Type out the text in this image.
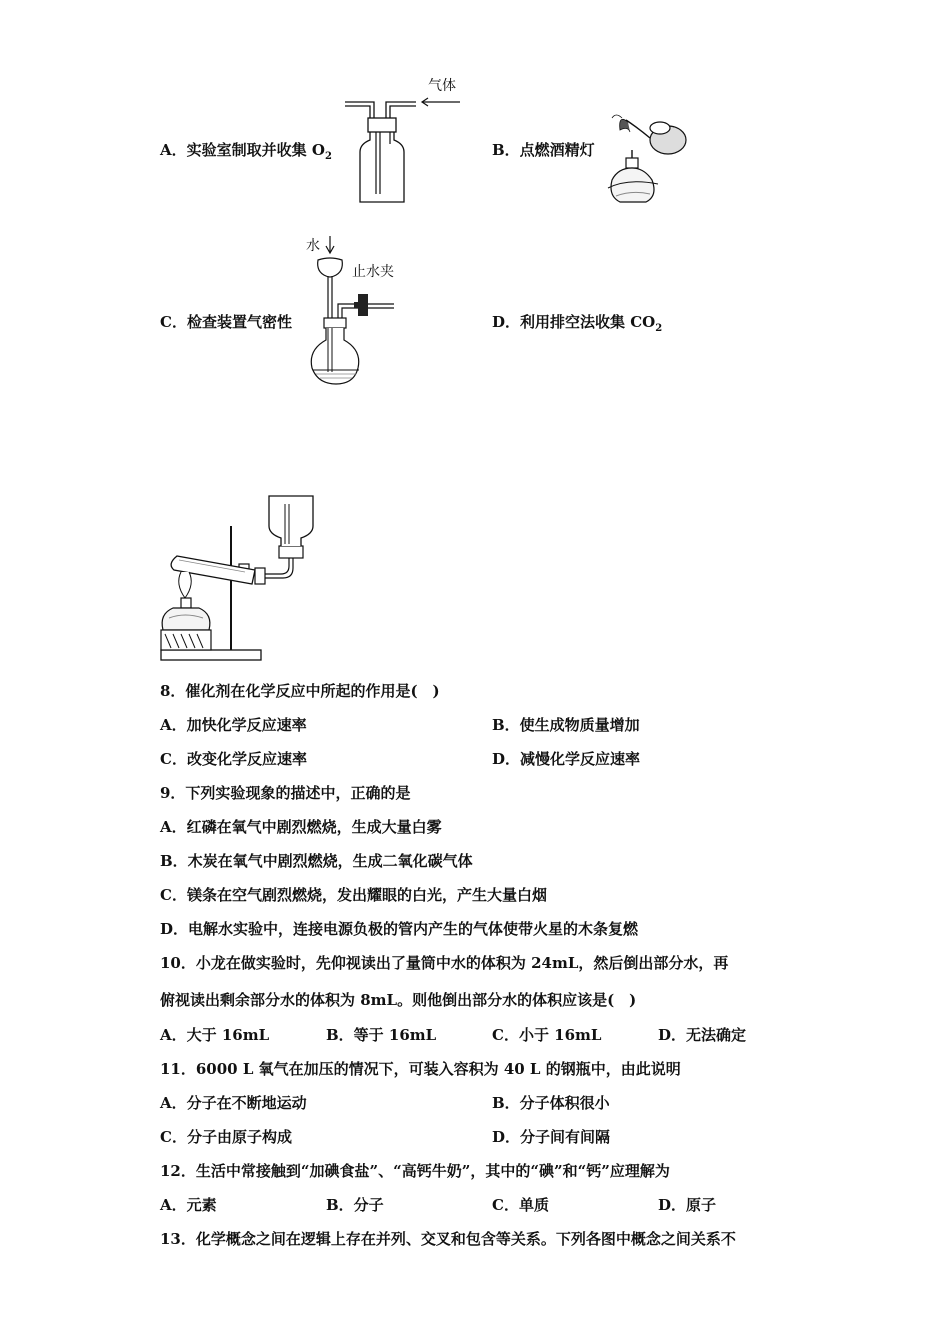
A．实验室制取并收集 $O_2$
气体
B．点燃酒精灯
C．检查装置气密性
水
止水夹
D．利用排空法收集 $CO_2$
8．催化剂在化学反应中所起的作用是(　)
A．加快化学反应速率	B．使生成物质量增加
C．改变化学反应速率	D．减慢化学反应速率
9．下列实验现象的描述中，正确的是
A．红磷在氧气中剧烈燃烧，生成大量白雾
B．木炭在氧气中剧烈燃烧，生成二氧化碳气体
C．镁条在空气剧烈燃烧，发出耀眼的白光，产生大量白烟
D．电解水实验中，连接电源负极的管内产生的气体使带火星的木条复燃
10．小龙在做实验时，先仰视读出了量筒中水的体积为 24mL，然后倒出部分水，再
俯视读出剩余部分水的体积为 8mL。则他倒出部分水的体积应该是(　)
A．大于 16mL	B．等于 16mL	C．小于 16mL	D．无法确定
11．6000 L 氧气在加压的情况下，可装入容积为 40 L 的钢瓶中，由此说明
A．分子在不断地运动	B．分子体积很小
C．分子由原子构成	D．分子间有间隔
12．生活中常接触到“加碘食盐”、“高钙牛奶”，其中的“碘”和“钙”应理解为
A．元素	B．分子	C．单质	D．原子
13．化学概念之间在逻辑上存在并列、交叉和包含等关系。下列各图中概念之间关系不
